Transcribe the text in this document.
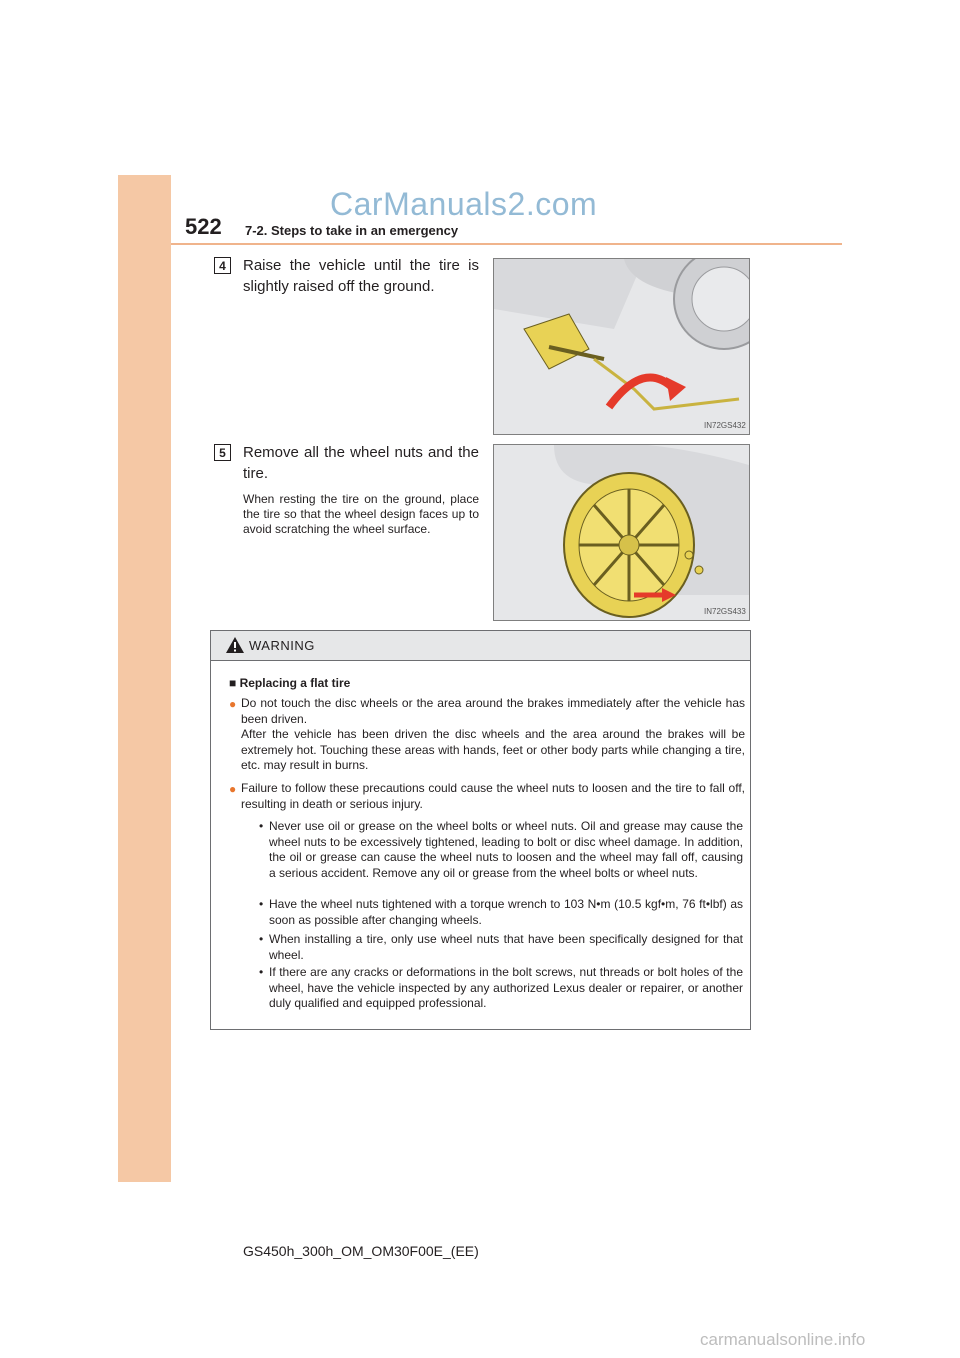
522 7-2. Steps to take in an emergency
CarManuals2.com
4	Raise the vehicle until the tire is slightly raised off the ground.
IN72GS432
5	Remove all the wheel nuts and the tire.
When resting the tire on the ground, place the tire so that the wheel design faces up to avoid scratching the wheel surface.
IN72GS433
WARNING
■ Replacing a flat tire
● Do not touch the disc wheels or the area around the brakes immediately after the vehicle has been driven.
After the vehicle has been driven the disc wheels and the area around the brakes will be extremely hot. Touching these areas with hands, feet or other body parts while changing a tire, etc. may result in burns.
● Failure to follow these precautions could cause the wheel nuts to loosen and the tire to fall off, resulting in death or serious injury.
• Never use oil or grease on the wheel bolts or wheel nuts. Oil and grease may cause the wheel nuts to be excessively tightened, leading to bolt or disc wheel damage. In addition, the oil or grease can cause the wheel nuts to loosen and the wheel may fall off, causing a serious accident. Remove any oil or grease from the wheel bolts or wheel nuts.
• Have the wheel nuts tightened with a torque wrench to 103 N•m (10.5 kgf•m, 76 ft•lbf) as soon as possible after changing wheels.
• When installing a tire, only use wheel nuts that have been specifically designed for that wheel.
• If there are any cracks or deformations in the bolt screws, nut threads or bolt holes of the wheel, have the vehicle inspected by any authorized Lexus dealer or repairer, or another duly qualified and equipped professional.
GS450h_300h_OM_OM30F00E_(EE)
carmanualsonline.info
